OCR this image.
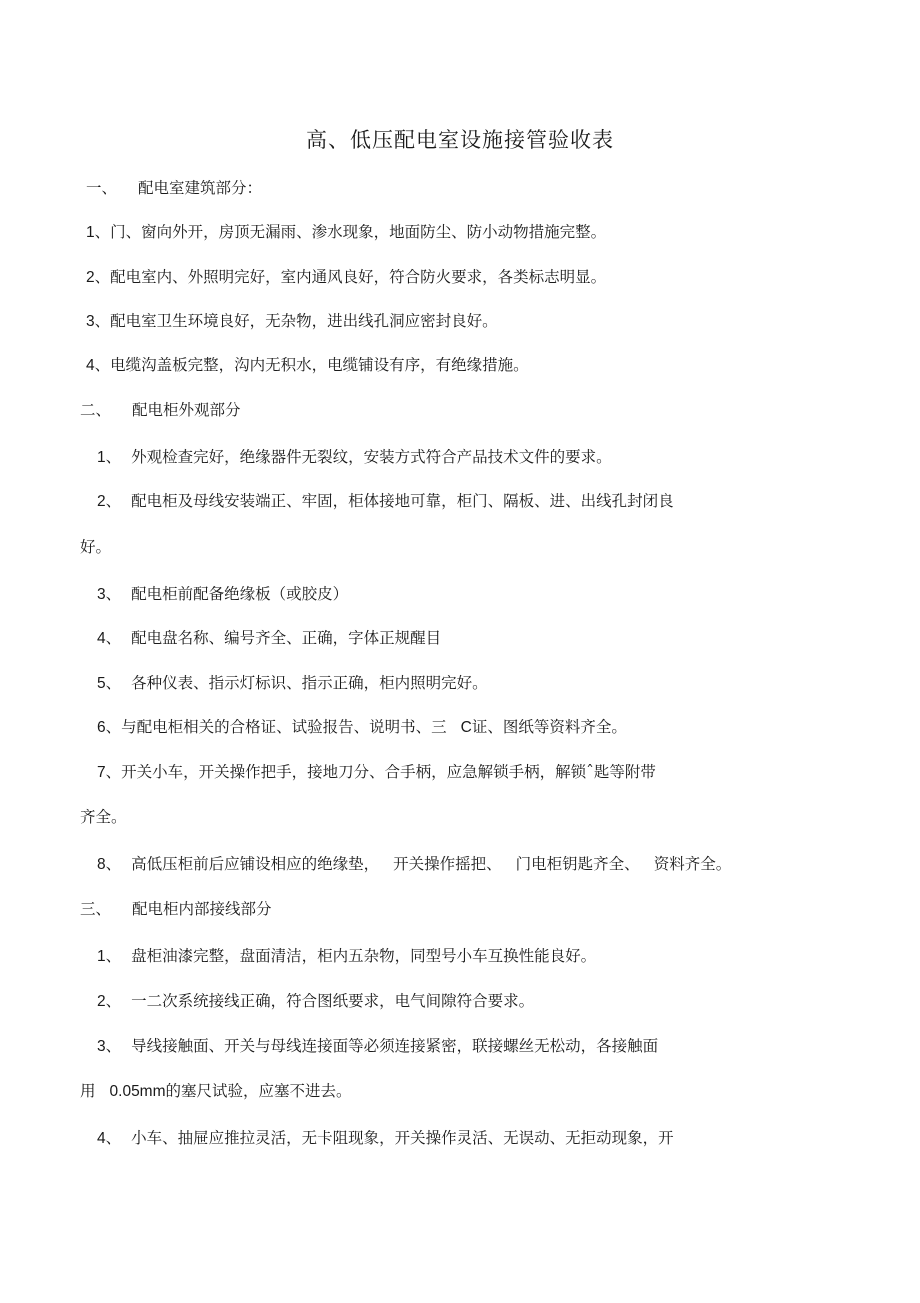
高、低压配电室设施接管验收表
一、 配电室建筑部分：
1、门、窗向外开，房顶无漏雨、渗水现象，地面防尘、防小动物措施完整。
2、配电室内、外照明完好，室内通风良好，符合防火要求，各类标志明显。
3、配电室卫生环境良好，无杂物，进出线孔洞应密封良好。
4、电缆沟盖板完整，沟内无积水，电缆铺设有序，有绝缘措施。
二、 配电柜外观部分
1、 外观检查完好，绝缘器件无裂纹，安装方式符合产品技术文件的要求。
2、 配电柜及母线安装端正、牢固，柜体接地可靠，柜门、隔板、进、出线孔封闭良
好。
3、 配电柜前配备绝缘板（或胶皮）
4、 配电盘名称、编号齐全、正确，字体正规醒目
5、 各种仪表、指示灯标识、指示正确，柜内照明完好。
6、与配电柜相关的合格证、试验报告、说明书、三 C证、图纸等资料齐全。
7、开关小车，开关操作把手，接地刀分、合手柄，应急解锁手柄，解锁ˆ匙等附带
齐全。
8、 高低压柜前后应铺设相应的绝缘垫， 开关操作摇把、 门电柜钥匙齐全、 资料齐全。
三、 配电柜内部接线部分
1、 盘柜油漆完整，盘面清洁，柜内五杂物，同型号小车互换性能良好。
2、 一二次系统接线正确，符合图纸要求，电气间隙符合要求。
3、 导线接触面、开关与母线连接面等必须连接紧密，联接螺丝无松动，各接触面
用 0.05mm的塞尺试验，应塞不进去。
4、 小车、抽屉应推拉灵活，无卡阻现象，开关操作灵活、无误动、无拒动现象，开
